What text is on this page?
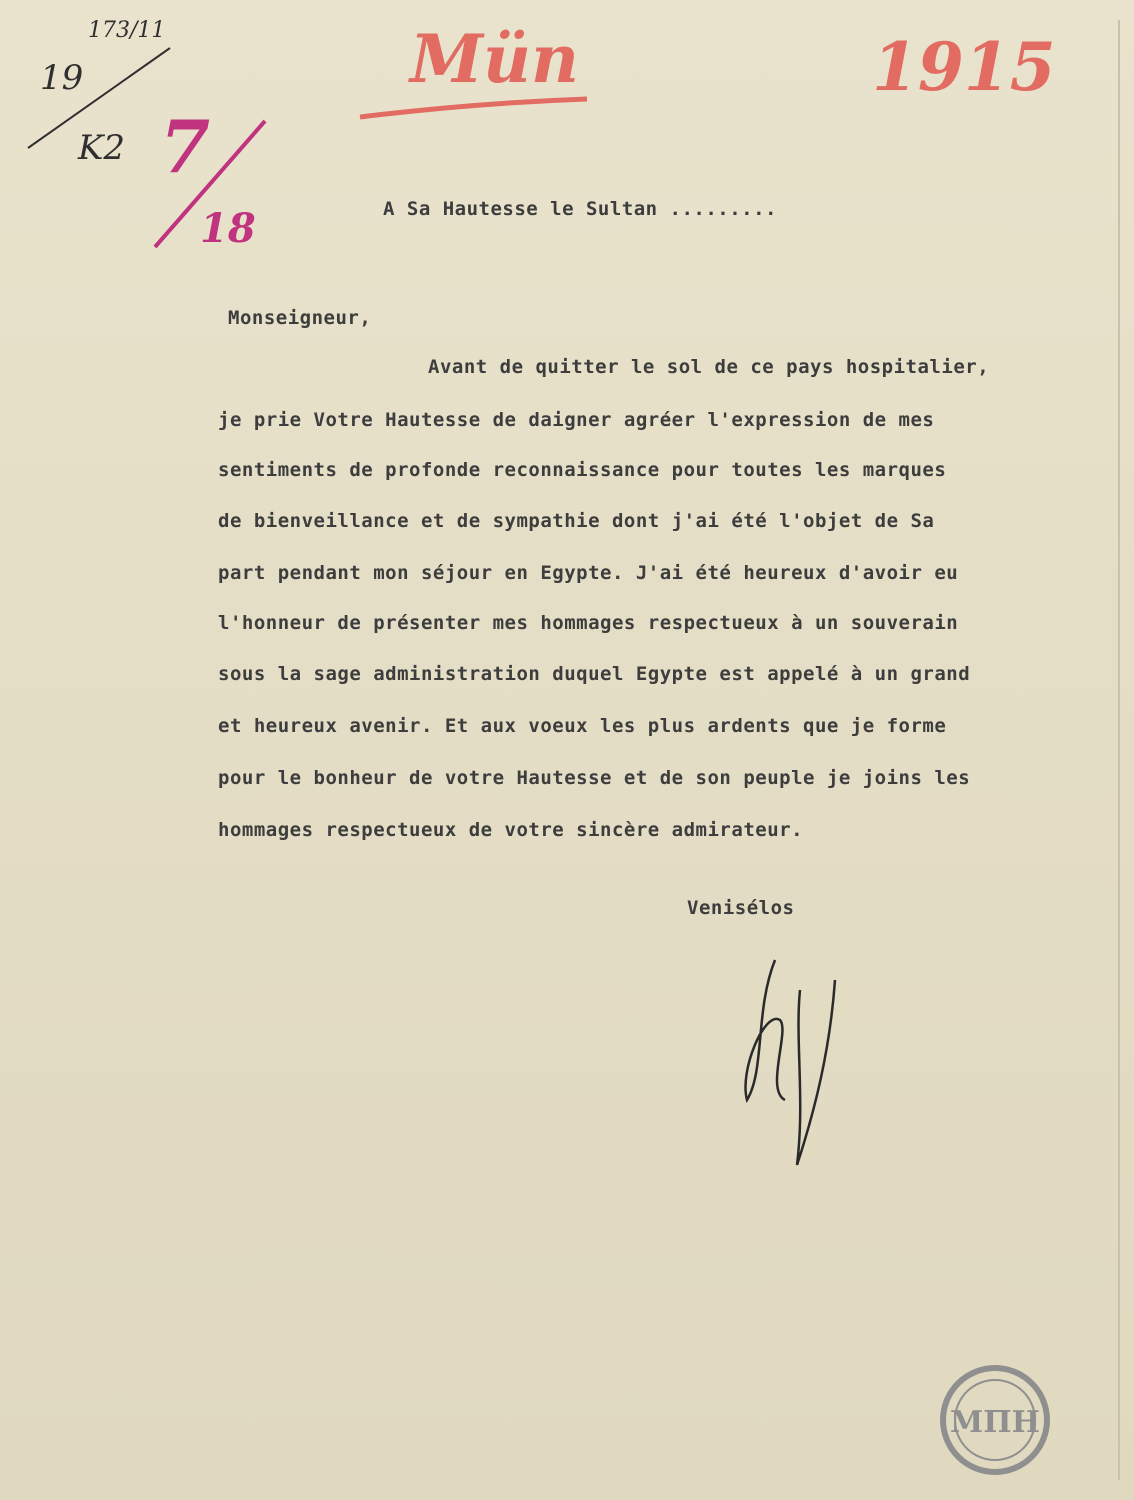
173/11
19
K2
Mün	1915
7
18	A Sa Hautesse le Sultan .........
Monseigneur,
Avant de quitter le sol de ce pays hospitalier,
je prie Votre Hautesse de daigner agréer l'expression de mes
sentiments de profonde reconnaissance pour toutes les marques
de bienveillance et de sympathie dont j'ai été l'objet de Sa
part pendant mon séjour en Egypte. J'ai été heureux d'avoir eu
l'honneur de présenter mes hommages respectueux à un souverain
sous la sage administration duquel Egypte est appelé à un grand
et heureux avenir. Et aux voeux les plus ardents que je forme
pour le bonheur de votre Hautesse et de son peuple je joins les
hommages respectueux de votre sincère admirateur.
Venisélos
ΜΠΗ
